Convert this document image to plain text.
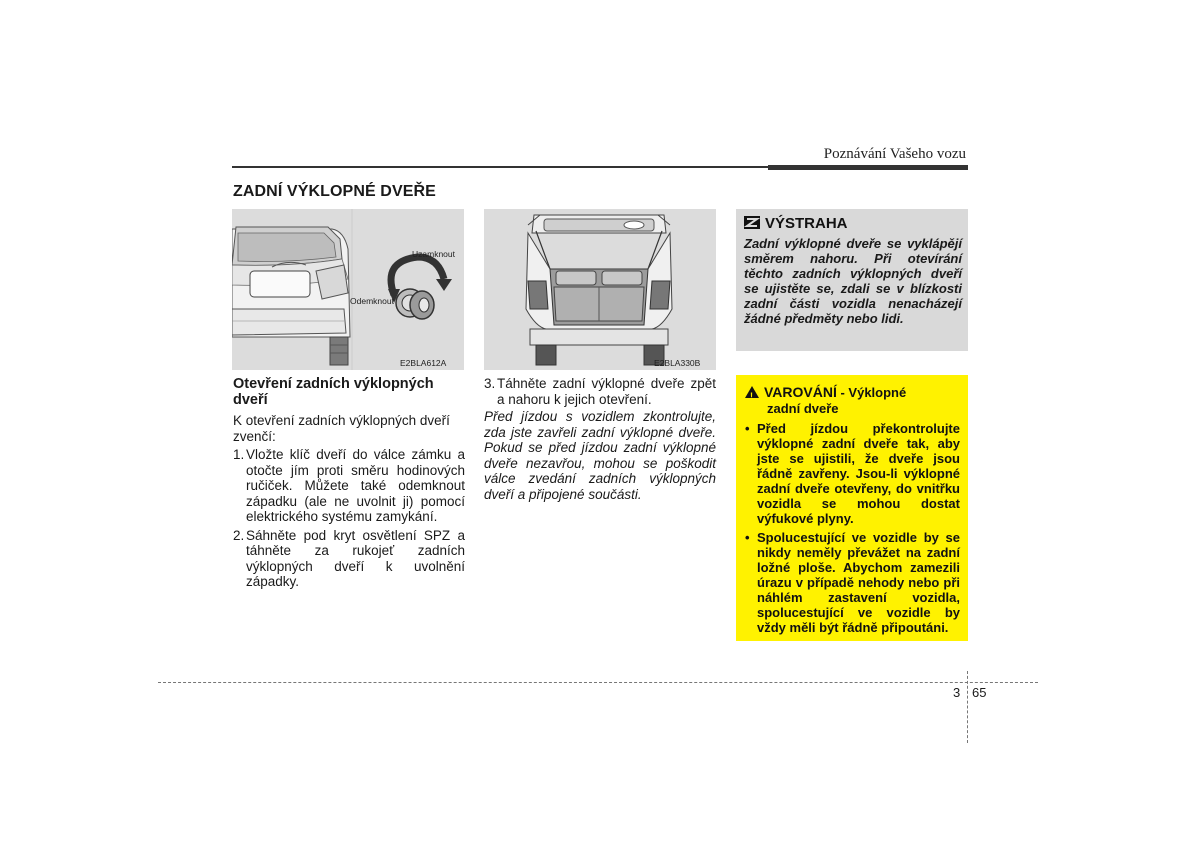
Poznávání Vašeho vozu
ZADNÍ VÝKLOPNÉ DVEŘE
Uzamknout
Odemknout
E2BLA612A	E2BLA330B
VÝSTRAHA
Zadní výklopné dveře se vyklápějí směrem nahoru. Při otevírání těchto zadních výklopných dveří se ujistěte se, zdali se v blízkosti zadní části vozidla nenacházejí žádné předměty nebo lidi.
! VAROVÁNÍ - Výklopné
zadní dveře
• Před jízdou překontrolujte výklopné zadní dveře tak, aby jste se ujistili, že dveře jsou řádně zavřeny. Jsou-li výklopné zadní dveře otevřeny, do vnitřku vozidla se mohou dostat výfukové plyny.
• Spolucestující ve vozidle by se nikdy neměly převážet na zadní ložné ploše. Abychom zamezili úrazu v případě nehody nebo při náhlém zastavení vozidla, spolucestující ve vozidle by vždy měli být řádně připoutáni.
Otevření zadních výklopných dveří
K otevření zadních výklopných dveří zvenčí:
1. Vložte klíč dveří do válce zámku a otočte jím proti směru hodinových ručiček. Můžete také odemknout západku (ale ne uvolnit ji) pomocí elektrického systému zamykání.
2. Sáhněte pod kryt osvětlení SPZ a táhněte za rukojeť zadních výklopných dveří k uvolnění západky.
3. Táhněte zadní výklopné dveře zpět a nahoru k jejich otevření.
Před jízdou s vozidlem zkontrolujte, zda jste zavřeli zadní výklopné dveře. Pokud se před jízdou zadní výklopné dveře nezavřou, mohou se poškodit válce zvedání zadních výklopných dveří a připojené součásti.
3 65
